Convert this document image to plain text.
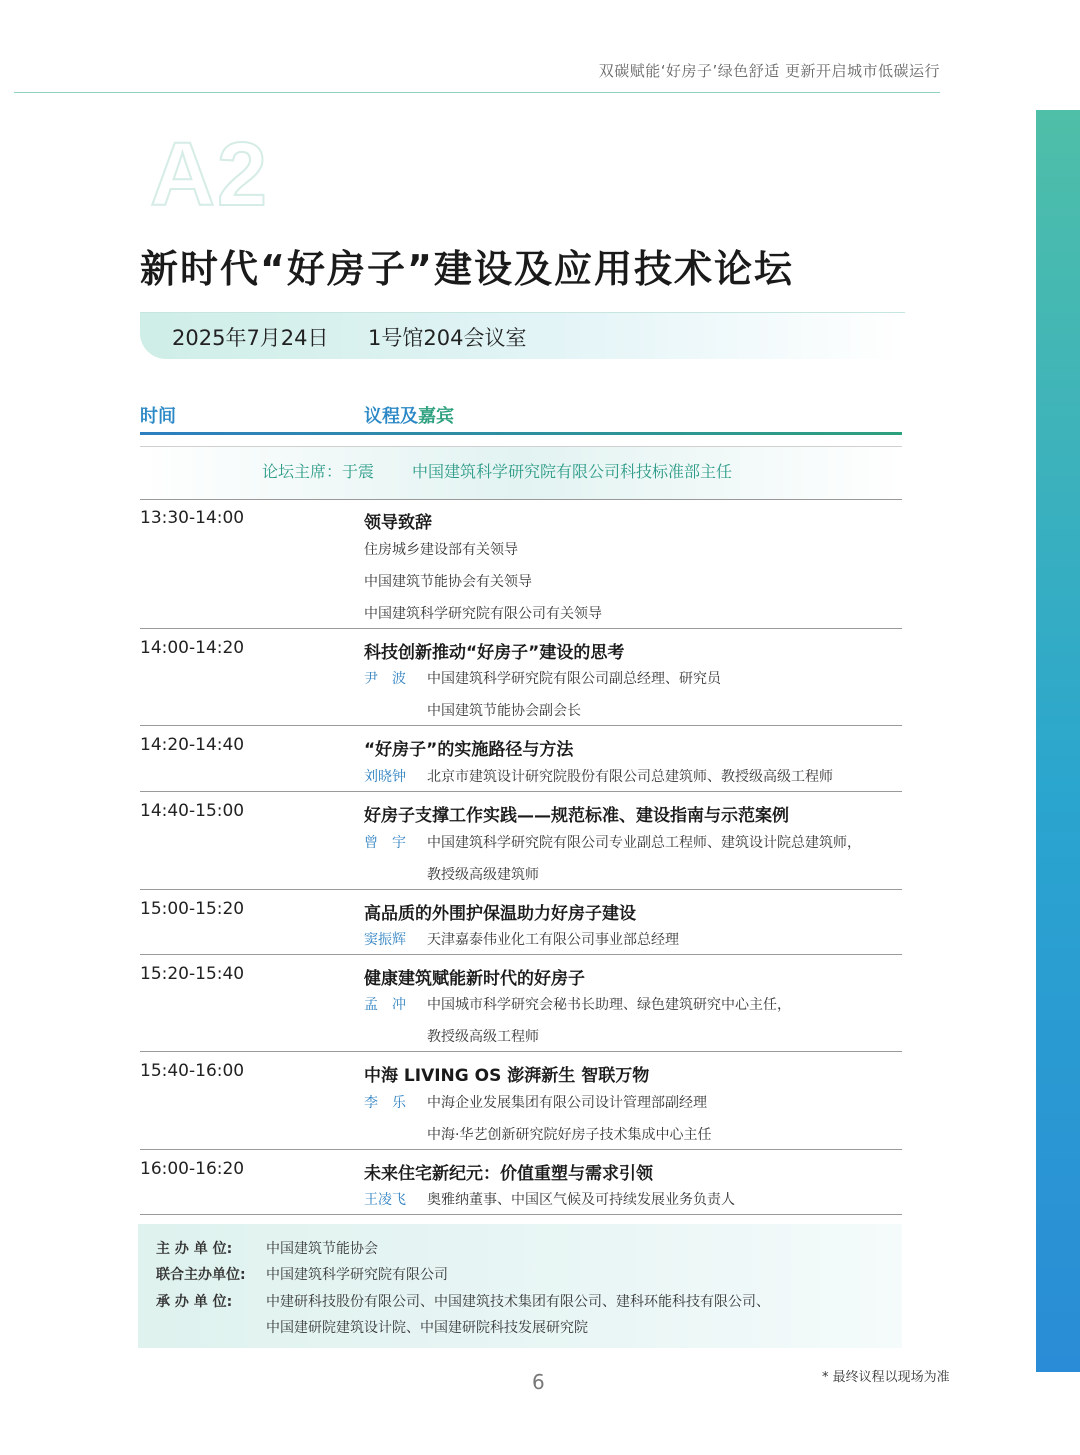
双碳赋能‘好房子’绿色舒适 更新开启城市低碳运行
A2
新时代“好房子”建设及应用技术论坛
2025年7月24日 1号馆204会议室
时间	议程及嘉宾
论坛主席：于震 中国建筑科学研究院有限公司科技标准部主任
13:30-14:00	领导致辞
住房城乡建设部有关领导
中国建筑节能协会有关领导
中国建筑科学研究院有限公司有关领导
14:00-14:20	科技创新推动“好房子”建设的思考
尹　波 中国建筑科学研究院有限公司副总经理、研究员
中国建筑节能协会副会长
14:20-14:40	“好房子”的实施路径与方法
刘晓钟 北京市建筑设计研究院股份有限公司总建筑师、教授级高级工程师
14:40-15:00	好房子支撑工作实践——规范标准、建设指南与示范案例
曾　宇 中国建筑科学研究院有限公司专业副总工程师、建筑设计院总建筑师，
教授级高级建筑师
15:00-15:20	高品质的外围护保温助力好房子建设
窦振辉 天津嘉泰伟业化工有限公司事业部总经理
15:20-15:40	健康建筑赋能新时代的好房子
孟　冲 中国城市科学研究会秘书长助理、绿色建筑研究中心主任，
教授级高级工程师
15:40-16:00	中海 LIVING OS 澎湃新生 智联万物
李　乐 中海企业发展集团有限公司设计管理部副经理
中海·华艺创新研究院好房子技术集成中心主任
16:00-16:20	未来住宅新纪元：价值重塑与需求引领
王凌飞 奥雅纳董事、中国区气候及可持续发展业务负责人
主 办 单 位: 中国建筑节能协会
联合主办单位: 中国建筑科学研究院有限公司
承 办 单 位: 中建研科技股份有限公司、中国建筑技术集团有限公司、建科环能科技有限公司、
中国建研院建筑设计院、中国建研院科技发展研究院
6	* 最终议程以现场为准
